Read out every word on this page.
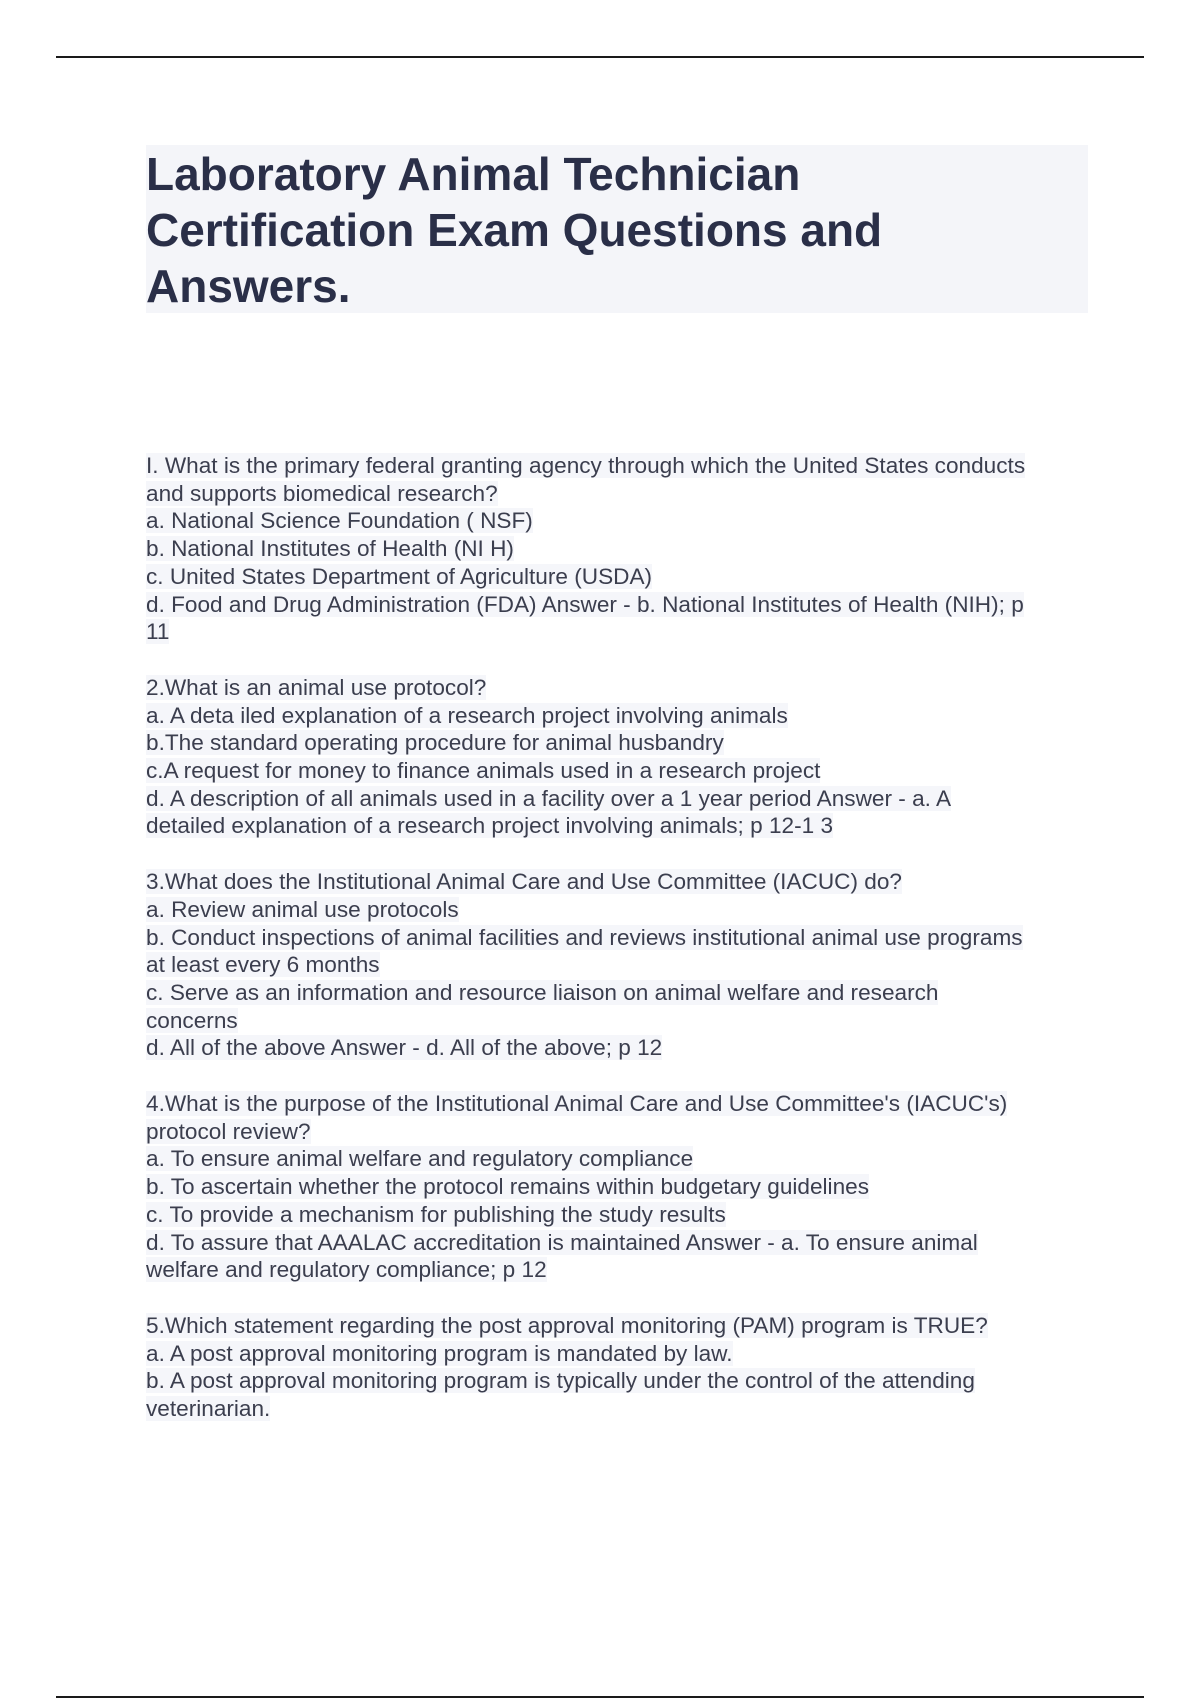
Laboratory Animal Technician
Certification Exam Questions and
Answers.
I. What is the primary federal granting agency through which the United States conducts
and supports biomedical research?
a. National Science Foundation ( NSF)
b. National Institutes of Health (NI H)
c. United States Department of Agriculture (USDA)
d. Food and Drug Administration (FDA) Answer - b. National Institutes of Health (NIH); p
11
2.What is an animal use protocol?
a. A deta iled explanation of a research project involving animals
b.The standard operating procedure for animal husbandry
c.A request for money to finance animals used in a research project
d. A description of all animals used in a facility over a 1 year period Answer - a. A
detailed explanation of a research project involving animals; p 12-1 3
3.What does the Institutional Animal Care and Use Committee (IACUC) do?
a. Review animal use protocols
b. Conduct inspections of animal facilities and reviews institutional animal use programs
at least every 6 months
c. Serve as an information and resource liaison on animal welfare and research
concerns
d. All of the above Answer - d. All of the above; p 12
4.What is the purpose of the Institutional Animal Care and Use Committee's (IACUC's)
protocol review?
a. To ensure animal welfare and regulatory compliance
b. To ascertain whether the protocol remains within budgetary guidelines
c. To provide a mechanism for publishing the study results
d. To assure that AAALAC accreditation is maintained Answer - a. To ensure animal
welfare and regulatory compliance; p 12
5.Which statement regarding the post approval monitoring (PAM) program is TRUE?
a. A post approval monitoring program is mandated by law.
b. A post approval monitoring program is typically under the control of the attending
veterinarian.
